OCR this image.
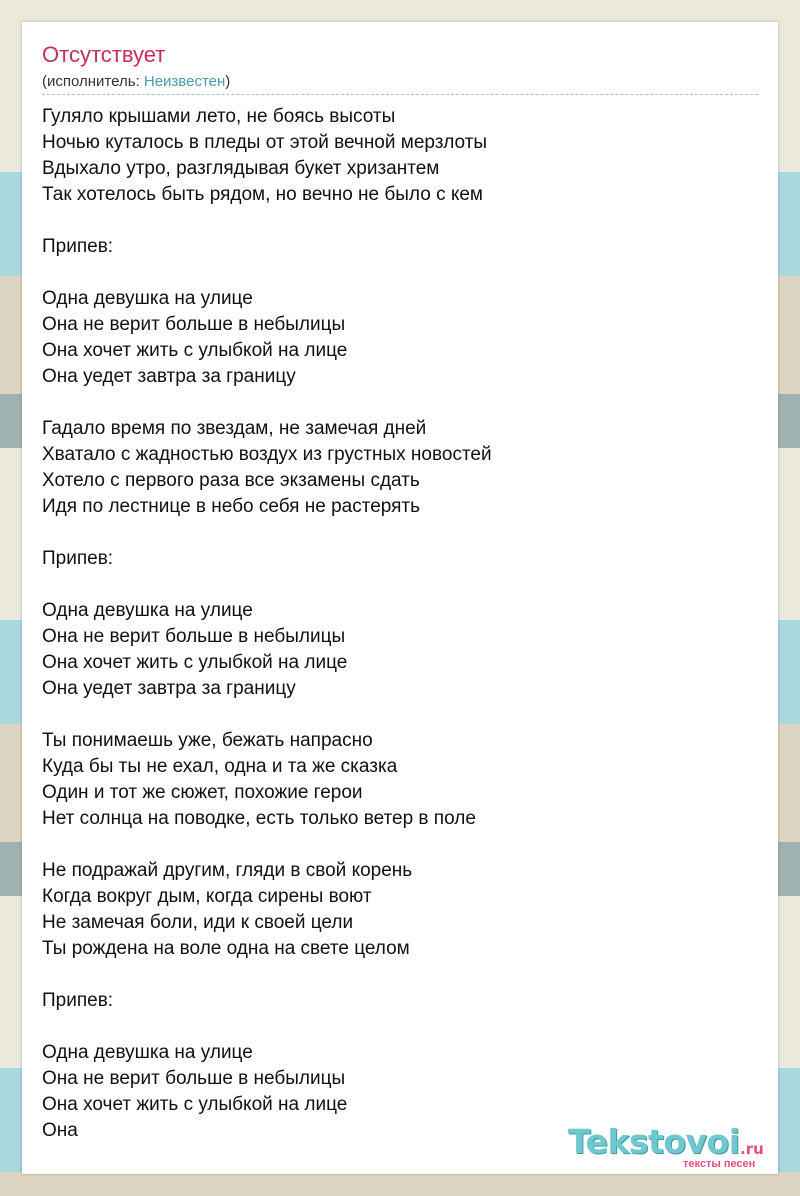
Отсутствует
(исполнитель: Неизвестен)
Гуляло крышами лето, не боясь высоты
Ночью куталось в пледы от этой вечной мерзлоты
Вдыхало утро, разглядывая букет хризантем
Так хотелось быть рядом, но вечно не было с кем
Припев:
Одна девушка на улице
Она не верит больше в небылицы
Она хочет жить с улыбкой на лице
Она уедет завтра за границу
Гадало время по звездам, не замечая дней
Хватало с жадностью воздух из грустных новостей
Хотело с первого раза все экзамены сдать
Идя по лестнице в небо себя не растерять
Припев:
Одна девушка на улице
Она не верит больше в небылицы
Она хочет жить с улыбкой на лице
Она уедет завтра за границу
Ты понимаешь уже, бежать напрасно
Куда бы ты не ехал, одна и та же сказка
Один и тот же сюжет, похожие герои
Нет солнца на поводке, есть только ветер в поле
Не подражай другим, гляди в свой корень
Когда вокруг дым, когда сирены воют
Не замечая боли, иди к своей цели
Ты рождена на воле одна на свете целом
Припев:
Одна девушка на улице
Она не верит больше в небылицы
Она хочет жить с улыбкой на лице
Она	Tekstovoi .ru
тексты песен
